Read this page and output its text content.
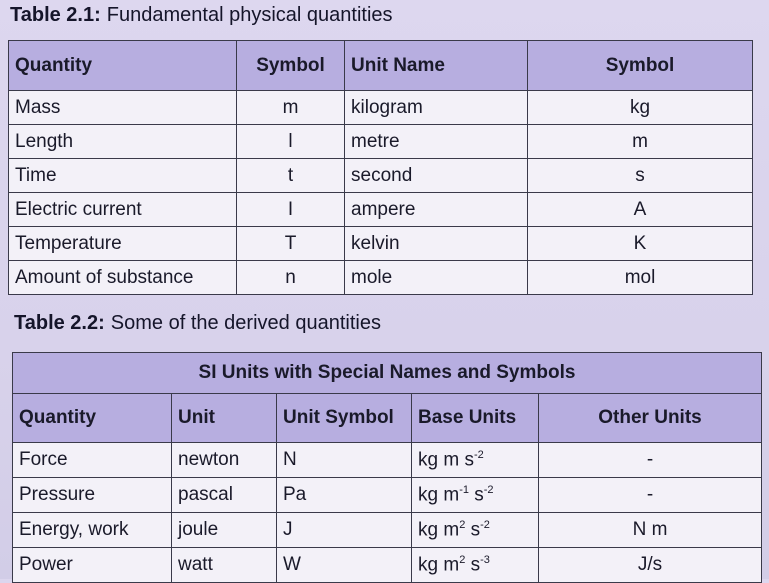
Table 2.1: Fundamental physical quantities
Quantity	Symbol	Unit Name	Symbol
Mass	m	kilogram	kg
Length	l	metre	m
Time	t	second	s
Electric current	I	ampere	A
Temperature	T	kelvin	K
Amount of substance	n	mole	mol
Table 2.2: Some of the derived quantities
SI Units with Special Names and Symbols				
Quantity	Unit	Unit Symbol	Base Units	Other Units
Force	newton	N	kg m $s^{-2}$	-
Pressure	pascal	Pa	kg $m^{-1}$ $s^{-2}$	-
Energy, work	joule	J	kg $m^2$ $s^{-2}$	N m
Power	watt	W	kg $m^2$ $s^{-3}$	J/s
